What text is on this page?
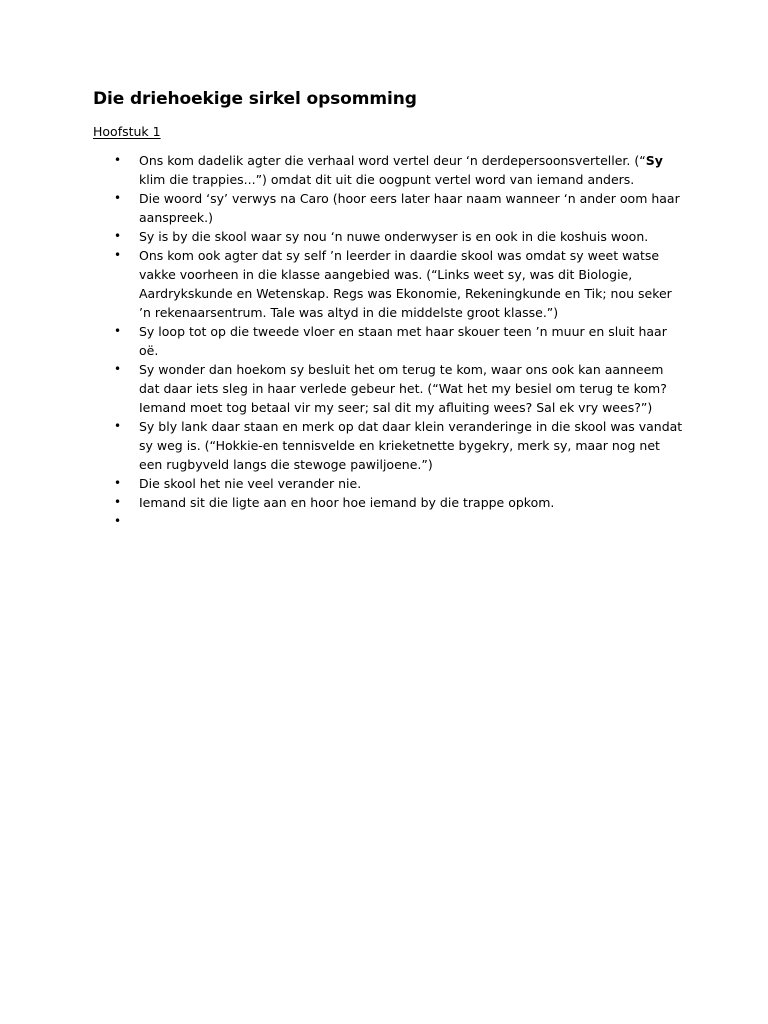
Die driehoekige sirkel opsomming

Hoofstuk 1

• Ons kom dadelik agter die verhaal word vertel deur ‘n derdepersoonsverteller. (“Sy klim die trappies...”) omdat dit uit die oogpunt vertel word van iemand anders.
• Die woord ‘sy’ verwys na Caro (hoor eers later haar naam wanneer ‘n ander oom haar aanspreek.)
• Sy is by die skool waar sy nou ‘n nuwe onderwyser is en ook in die koshuis woon.
• Ons kom ook agter dat sy self ’n leerder in daardie skool was omdat sy weet watse vakke voorheen in die klasse aangebied was. (“Links weet sy, was dit Biologie, Aardrykskunde en Wetenskap. Regs was Ekonomie, Rekeningkunde en Tik; nou seker ’n rekenaarsentrum. Tale was altyd in die middelste groot klasse.”)
• Sy loop tot op die tweede vloer en staan met haar skouer teen ’n muur en sluit haar oë.
• Sy wonder dan hoekom sy besluit het om terug te kom, waar ons ook kan aanneem dat daar iets sleg in haar verlede gebeur het. (“Wat het my besiel om terug te kom? Iemand moet tog betaal vir my seer; sal dit my afluiting wees? Sal ek vry wees?”)
• Sy bly lank daar staan en merk op dat daar klein veranderinge in die skool was vandat sy weg is. (“Hokkie-en tennisvelde en krieketnette bygekry, merk sy, maar nog net een rugbyveld langs die stewoge pawiljoene.”)
• Die skool het nie veel verander nie.
• Iemand sit die ligte aan en hoor hoe iemand by die trappe opkom.
•
